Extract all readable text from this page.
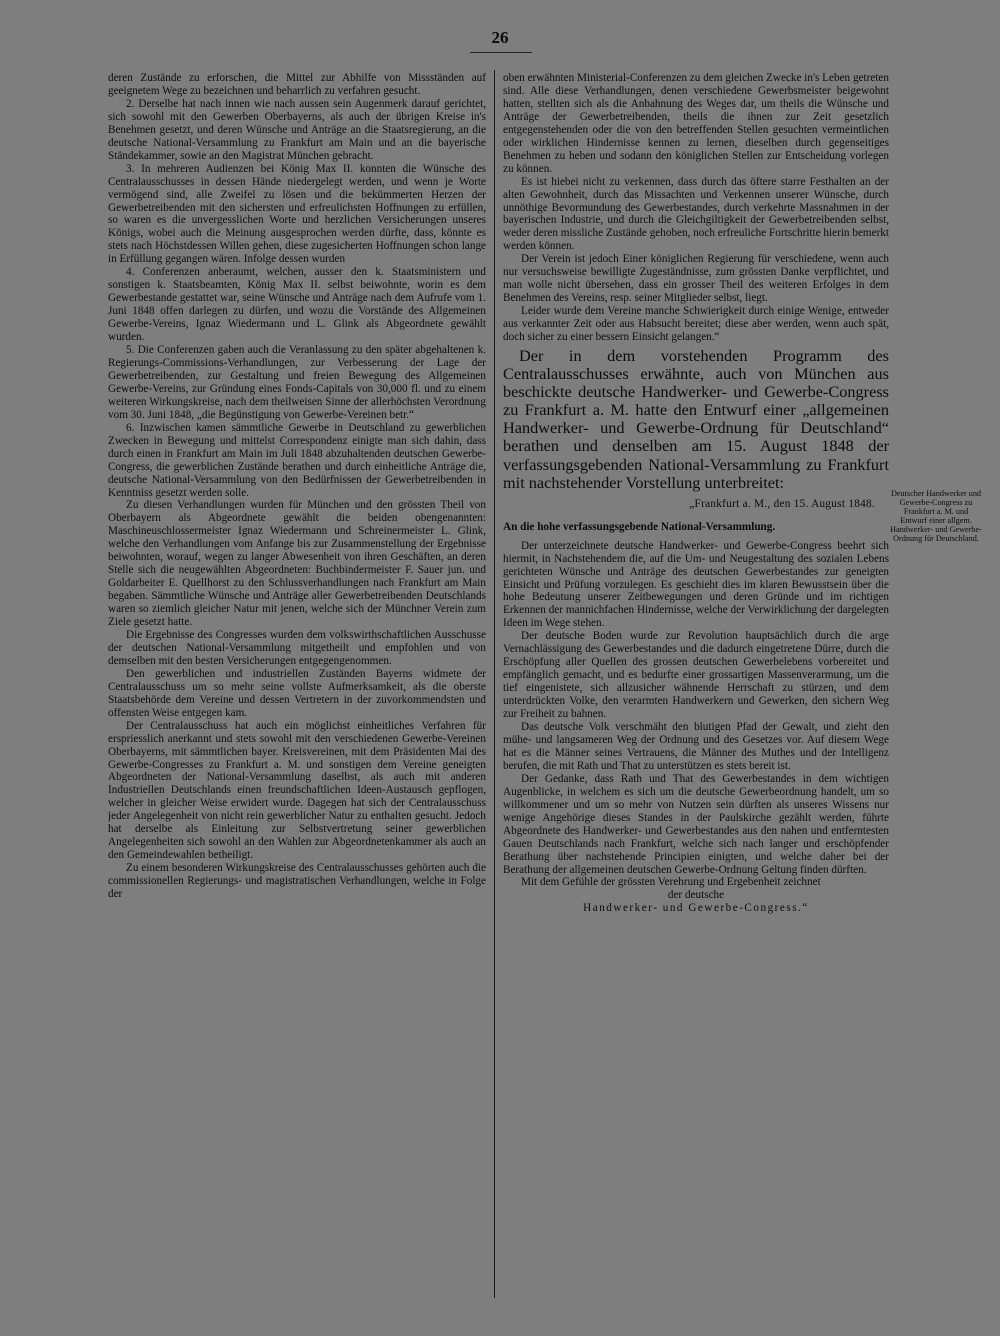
26

deren Zustände zu erforschen, die Mittel zur Abhilfe von Missständen auf geeignetem Wege zu bezeichnen und beharrlich zu verfahren gesucht.

2. Derselbe hat nach innen wie nach aussen sein Augenmerk darauf gerichtet, sich sowohl mit den Gewerben Oberbayerns, als auch der übrigen Kreise in's Benehmen gesetzt, und deren Wünsche und Anträge an die Staatsregierung, an die deutsche National-Versammlung zu Frankfurt am Main und an die bayerische Ständekammer, sowie an den Magistrat München gebracht.

3. In mehreren Audienzen bei König Max II. konnten die Wünsche des Centralausschusses in dessen Hände niedergelegt werden, und wenn je Worte vermögend sind, alle Zweifel zu lösen und die bekümmerten Herzen der Gewerbetreibenden mit den sichersten und erfreulichsten Hoffnungen zu erfüllen, so waren es die unvergesslichen Worte und herzlichen Versicherungen unseres Königs, wobei auch die Meinung ausgesprochen werden dürfte, dass, könnte es stets nach Höchstdessen Willen gehen, diese zugesicherten Hoffnungen schon lange in Erfüllung gegangen wären. Infolge dessen wurden

4. Conferenzen anberaumt, welchen, ausser den k. Staatsministern und sonstigen k. Staatsbeamten, König Max II. selbst beiwohnte, worin es dem Gewerbestande gestattet war, seine Wünsche und Anträge nach dem Aufrufe vom 1. Juni 1848 offen darlegen zu dürfen, und wozu die Vorstände des Allgemeinen Gewerbe-Vereins, Ignaz Wiedermann und L. Glink als Abgeordnete gewählt wurden.

5. Die Conferenzen gaben auch die Veranlassung zu den später abgehaltenen k. Regierungs-Commissions-Verhandlungen, zur Verbesserung der Lage der Gewerbetreibenden, zur Gestaltung und freien Bewegung des Allgemeinen Gewerbe-Vereins, zur Gründung eines Fonds-Capitals von 30,000 fl. und zu einem weiteren Wirkungskreise, nach dem theilweisen Sinne der allerhöchsten Verordnung vom 30. Juni 1848, „die Begünstigung von Gewerbe-Vereinen betr.“

6. Inzwischen kamen sämmtliche Gewerbe in Deutschland zu gewerblichen Zwecken in Bewegung und mittelst Correspondenz einigte man sich dahin, dass durch einen in Frankfurt am Main im Juli 1848 abzuhaltenden deutschen Gewerbe-Congress, die gewerblichen Zustände berathen und durch einheitliche Anträge die, deutsche National-Versammlung von den Bedürfnissen der Gewerbetreibenden in Kenntniss gesetzt werden solle.

Zu diesen Verhandlungen wurden für München und den grössten Theil von Oberbayern als Abgeordnete gewählt die beiden obengenannten: Maschineuschlossermeister Ignaz Wiedermann und Schreinermeister L. Glink, welche den Verhandlungen vom Anfange bis zur Zusammenstellung der Ergebnisse beiwohnten, worauf, wegen zu langer Abwesenheit von ihren Geschäften, an deren Stelle sich die neugewählten Abgeordneten: Buchbindermeister F. Sauer jun. und Goldarbeiter E. Quellhorst zu den Schlussverhandlungen nach Frankfurt am Main begaben. Sämmtliche Wünsche und Anträge aller Gewerbetreibenden Deutschlands waren so ziemlich gleicher Natur mit jenen, welche sich der Münchner Verein zum Ziele gesetzt hatte.

Die Ergebnisse des Congresses wurden dem volkswirthschaftlichen Ausschusse der deutschen National-Versammlung mitgetheilt und empfohlen und von demselben mit den besten Versicherungen entgegengenommen.

Den gewerblichen und industriellen Zuständen Bayerns widmete der Centralausschuss um so mehr seine vollste Aufmerksamkeit, als die oberste Staatsbehörde dem Vereine und dessen Vertretern in der zuvorkommendsten und offensten Weise entgegen kam.

Der Centralausschuss hat auch ein möglichst einheitliches Verfahren für erspriesslich anerkannt und stets sowohl mit den verschiedenen Gewerbe-Vereinen Oberbayerns, mit sämmtlichen bayer. Kreisvereinen, mit dem Präsidenten Mai des Gewerbe-Congresses zu Frankfurt a. M. und sonstigen dem Vereine geneigten Abgeordneten der National-Versammlung daselbst, als auch mit anderen Industriellen Deutschlands einen freundschaftlichen Ideen-Austausch gepflogen, welcher in gleicher Weise erwidert wurde. Dagegen hat sich der Centralausschuss jeder Angelegenheit von nicht rein gewerblicher Natur zu enthalten gesucht. Jedoch hat derselbe als Einleitung zur Selbstvertretung seiner gewerblichen Angelegenheiten sich sowohl an den Wahlen zur Abgeordnetenkammer als auch an den Gemeindewahlen betheiligt.

Zu einem besonderen Wirkungskreise des Centralausschusses gehörten auch die commissionellen Regierungs- und magistratischen Verhandlungen, welche in Folge der

oben erwähnten Ministerial-Conferenzen zu dem gleichen Zwecke in's Leben getreten sind. Alle diese Verhandlungen, denen verschiedene Gewerbsmeister beigewohnt hatten, stellten sich als die Anbahnung des Weges dar, um theils die Wünsche und Anträge der Gewerbetreibenden, theils die ihnen zur Zeit gesetzlich entgegenstehenden oder die von den betreffenden Stellen gesuchten vermeintlichen oder wirklichen Hindernisse kennen zu lernen, dieselben durch gegenseitiges Benehmen zu heben und sodann den königlichen Stellen zur Entscheidung vorlegen zu können.

Es ist hiebei nicht zu verkennen, dass durch das öftere starre Festhalten an der alten Gewohnheit, durch das Missachten und Verkennen unserer Wünsche, durch unnöthige Bevormundung des Gewerbestandes, durch verkehrte Massnahmen in der bayerischen Industrie, und durch die Gleichgiltigkeit der Gewerbetreibenden selbst, weder deren missliche Zustände gehoben, noch erfreuliche Fortschritte hierin bemerkt werden können.

Der Verein ist jedoch Einer königlichen Regierung für verschiedene, wenn auch nur versuchsweise bewilligte Zugeständnisse, zum grössten Danke verpflichtet, und man wolle nicht übersehen, dass ein grosser Theil des weiteren Erfolges in dem Benehmen des Vereins, resp. seiner Mitglieder selbst, liegt.

Leider wurde dem Vereine manche Schwierigkeit durch einige Wenige, entweder aus verkannter Zeit oder aus Habsucht bereitet; diese aber werden, wenn auch spät, doch sicher zu einer bessern Einsicht gelangen.“

Der in dem vorstehenden Programm des Centralausschusses erwähnte, auch von München aus beschickte deutsche Handwerker- und Gewerbe-Congress zu Frankfurt a. M. hatte den Entwurf einer „allgemeinen Handwerker- und Gewerbe-Ordnung für Deutschland“ berathen und denselben am 15. August 1848 der verfassungsgebenden National-Versammlung zu Frankfurt mit nachstehender Vorstellung unterbreitet:

„Frankfurt a. M., den 15. August 1848.

An die hohe verfassungsgebende National-Versammlung.

Der unterzeichnete deutsche Handwerker- und Gewerbe-Congress beehrt sich hiermit, in Nachstehendem die, auf die Um- und Neugestaltung des sozialen Lebens gerichteten Wünsche und Anträge des deutschen Gewerbestandes zur geneigten Einsicht und Prüfung vorzulegen. Es geschieht dies im klaren Bewusstsein über die hohe Bedeutung unserer Zeitbewegungen und deren Gründe und im richtigen Erkennen der mannichfachen Hindernisse, welche der Verwirklichung der dargelegten Ideen im Wege stehen.

Der deutsche Boden wurde zur Revolution hauptsächlich durch die arge Vernachlässigung des Gewerbestandes und die dadurch eingetretene Dürre, durch die Erschöpfung aller Quellen des grossen deutschen Gewerbelebens vorbereitet und empfänglich gemacht, und es bedurfte einer grossartigen Massenverarmung, um die tief eingenistete, sich allzusicher wähnende Herrschaft zu stürzen, und dem unterdrückten Volke, den verarmten Handwerkern und Gewerken, den sichern Weg zur Freiheit zu bahnen.

Das deutsche Volk verschmäht den blutigen Pfad der Gewalt, und zieht den mühe- und langsameren Weg der Ordnung und des Gesetzes vor. Auf diesem Wege hat es die Männer seines Vertrauens, die Männer des Muthes und der Intelligenz berufen, die mit Rath und That zu unterstützen es stets bereit ist.

Der Gedanke, dass Rath und That des Gewerbestandes in dem wichtigen Augenblicke, in welchem es sich um die deutsche Gewerbeordnung handelt, um so willkommener und um so mehr von Nutzen sein dürften als unseres Wissens nur wenige Angehörige dieses Standes in der Paulskirche gezählt werden, führte Abgeordnete des Handwerker- und Gewerbestandes aus den nahen und entferntesten Gauen Deutschlands nach Frankfurt, welche sich nach langer und erschöpfender Berathung über nachstehende Principien einigten, und welche daher bei der Berathung der allgemeinen deutschen Gewerbe-Ordnung Geltung finden dürften.

Mit dem Gefühle der grössten Verehrung und Ergebenheit zeichnet

der deutsche

Handwerker- und Gewerbe-Congress.“

Deutscher Handwerker und Gewerbe-Congress zu Frankfurt a. M. und Entwurf einer allgem. Handwerker- und Gewerbe-Ordnung für Deutschland.
